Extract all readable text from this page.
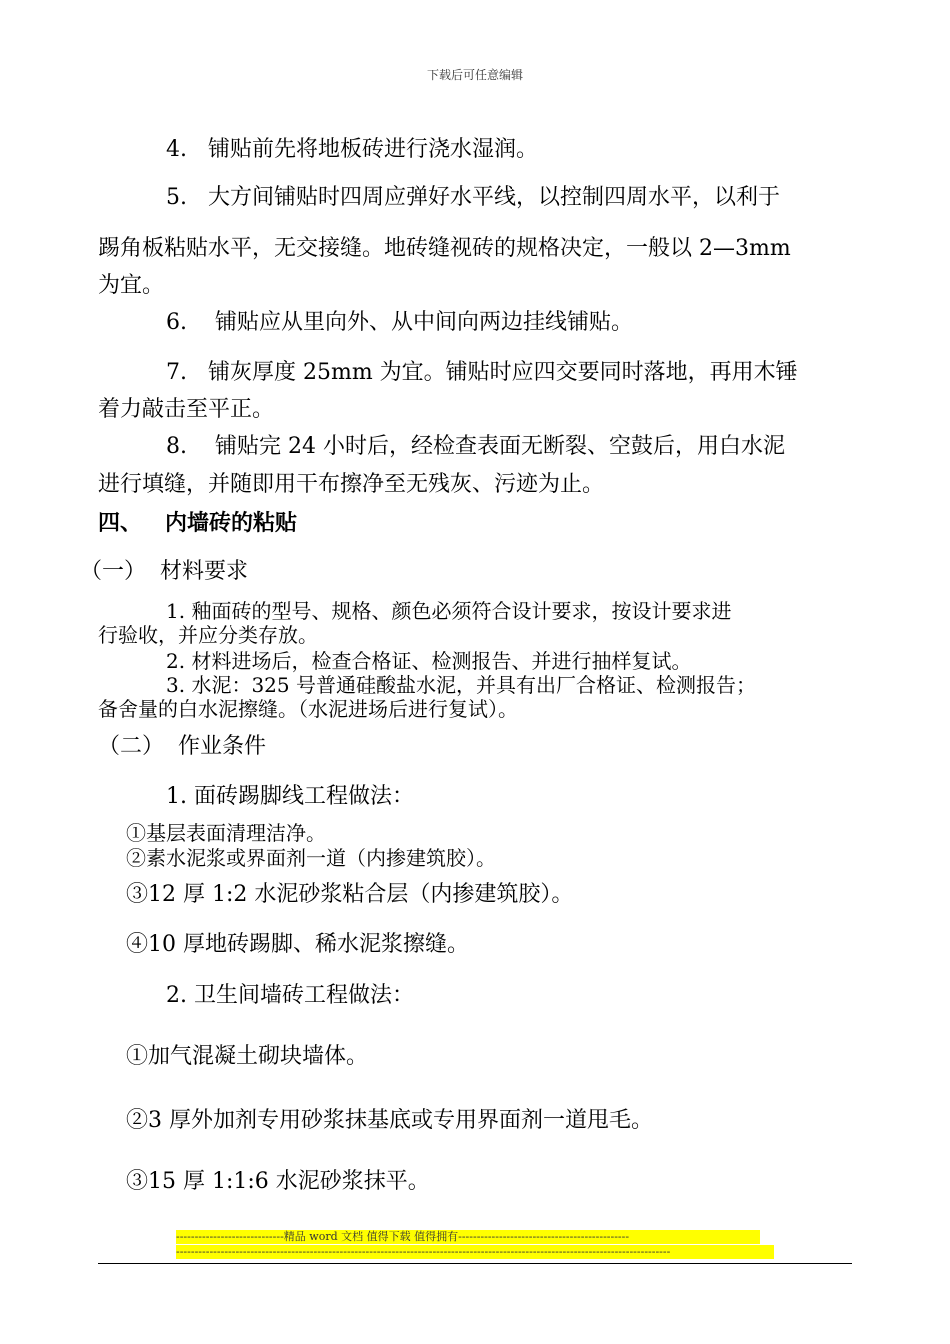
下载后可任意编辑
4.   铺贴前先将地板砖进行浇水湿润。
5.   大方间铺贴时四周应弹好水平线，以控制四周水平，以利于
踢角板粘贴水平，无交接缝。地砖缝视砖的规格决定，一般以 2—3mm
为宜。
6.    铺贴应从里向外、从中间向两边挂线铺贴。
7.   铺灰厚度 25mm 为宜。铺贴时应四交要同时落地，再用木锤
着力敲击至平正。
8.    铺贴完 24 小时后，经检查表面无断裂、空鼓后，用白水泥
进行填缝，并随即用干布擦净至无残灰、污迹为止。
四、   内墙砖的粘贴
（一）  材料要求
1. 釉面砖的型号、规格、颜色必须符合设计要求，按设计要求进
行验收，并应分类存放。
2. 材料进场后，检查合格证、检测报告、并进行抽样复试。
3. 水泥：325 号普通硅酸盐水泥，并具有出厂合格证、检测报告；
备舍量的白水泥擦缝。（水泥进场后进行复试）。
（二）  作业条件
1. 面砖踢脚线工程做法：
①基层表面清理洁净。
②素水泥浆或界面剂一道（内掺建筑胶）。
③12 厚 1:2 水泥砂浆粘合层（内掺建筑胶）。
④10 厚地砖踢脚、稀水泥浆擦缝。
2. 卫生间墙砖工程做法：
①加气混凝土砌块墙体。
②3 厚外加剂专用砂浆抹基底或专用界面剂一道甩毛。
③15 厚 1:1:6 水泥砂浆抹平。
-----------------------------精品 word 文档 值得下载 值得拥有----------------------------------------------
-------------------------------------------------------------------------------------------------------------------------------------
